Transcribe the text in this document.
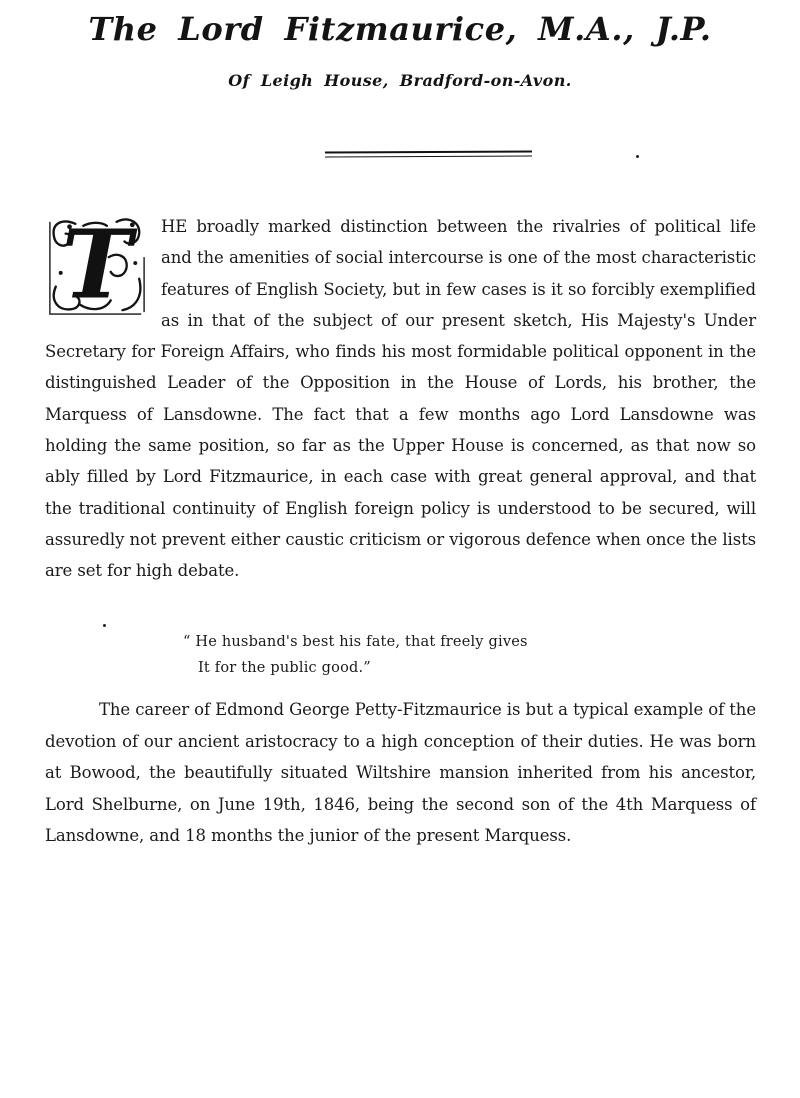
The Lord Fitzmaurice, M.A., J.P.
Of Leigh House, Bradford-on-Avon.

T	HE broadly marked distinction between the rivalries of political life and the amenities of social intercourse is one of the most characteristic features of English Society, but in few cases is it so forcibly exemplified as in that of the subject of our present sketch, His Majesty's Under Secretary for Foreign Affairs, who finds his most formidable political opponent in the distinguished Leader of the Opposition in the House of Lords, his brother, the Marquess of Lansdowne. The fact that a few months ago Lord Lansdowne was holding the same position, so far as the Upper House is concerned, as that now so ably filled by Lord Fitzmaurice, in each case with great general approval, and that the traditional continuity of English foreign policy is understood to be secured, will assuredly not prevent either caustic criticism or vigorous defence when once the lists are set for high debate.

“ He husband's best his fate, that freely gives
It for the public good.”

The career of Edmond George Petty-Fitzmaurice is but a typical example of the devotion of our ancient aristocracy to a high conception of their duties. He was born at Bowood, the beautifully situated Wiltshire mansion inherited from his ancestor, Lord Shelburne, on June 19th, 1846, being the second son of the 4th Marquess of Lansdowne, and 18 months the junior of the present Marquess.
